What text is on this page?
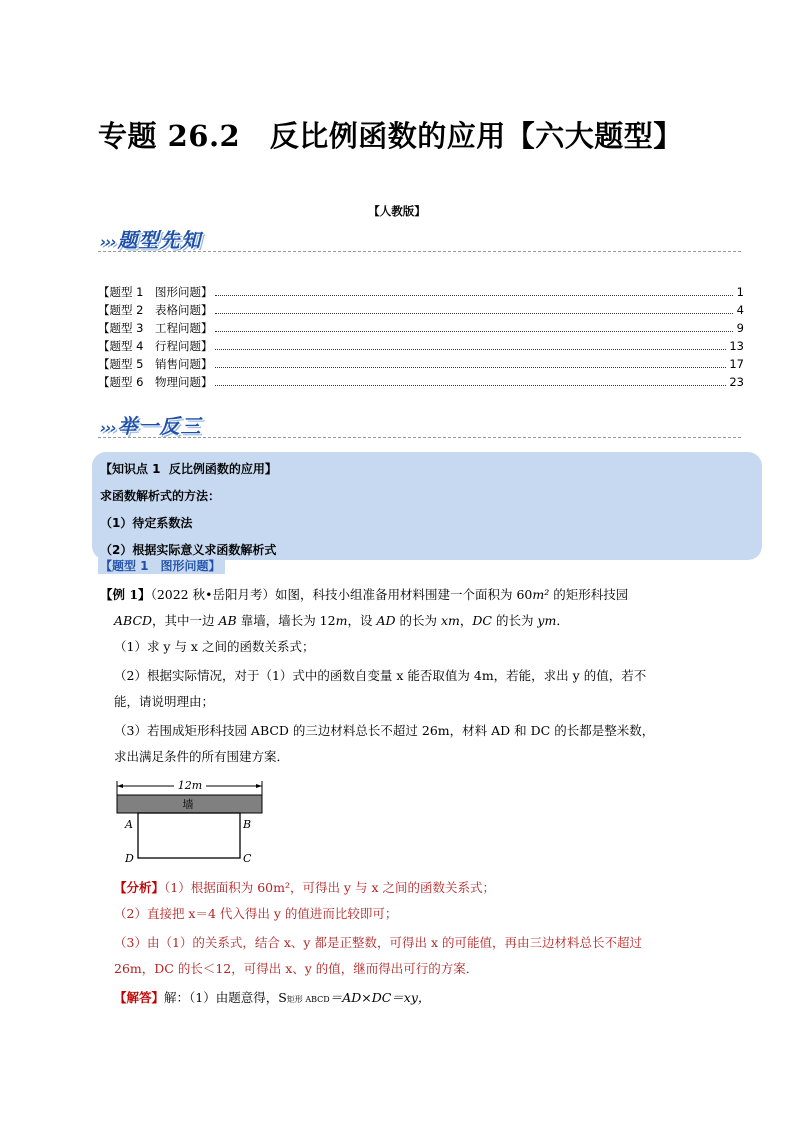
专题 26.2　反比例函数的应用【六大题型】
【人教版】
››› 题型先知
【题型 1　图形问题】	1
【题型 2　表格问题】	4
【题型 3　工程问题】	9
【题型 4　行程问题】	13
【题型 5　销售问题】	17
【题型 6　物理问题】	23
››› 举一反三
【知识点 1  反比例函数的应用】
求函数解析式的方法：
（1）待定系数法
（2）根据实际意义求函数解析式
【题型 1　图形问题】
【例 1】（2022 秋•岳阳月考）如图，科技小组准备用材料围建一个面积为 60m² 的矩形科技园
ABCD，其中一边 AB 靠墙，墙长为 12m，设 AD 的长为 xm，DC 的长为 ym．
（1）求 y 与 x 之间的函数关系式；
（2）根据实际情况，对于（1）式中的函数自变量 x 能否取值为 4m，若能，求出 y 的值，若不
能，请说明理由；
（3）若围成矩形科技园 ABCD 的三边材料总长不超过 26m，材料 AD 和 DC 的长都是整米数，
求出满足条件的所有围建方案．
12m
墙
A	B
C
D
【分析】（1）根据面积为 60m²，可得出 y 与 x 之间的函数关系式；
（2）直接把 x＝4 代入得出 y 的值进而比较即可；
（3）由（1）的关系式，结合 x、y 都是正整数，可得出 x 的可能值，再由三边材料总长不超过
26m，DC 的长＜12，可得出 x、y 的值，继而得出可行的方案．
【解答】解：（1）由题意得，S矩形 ABCD＝AD×DC＝xy，
